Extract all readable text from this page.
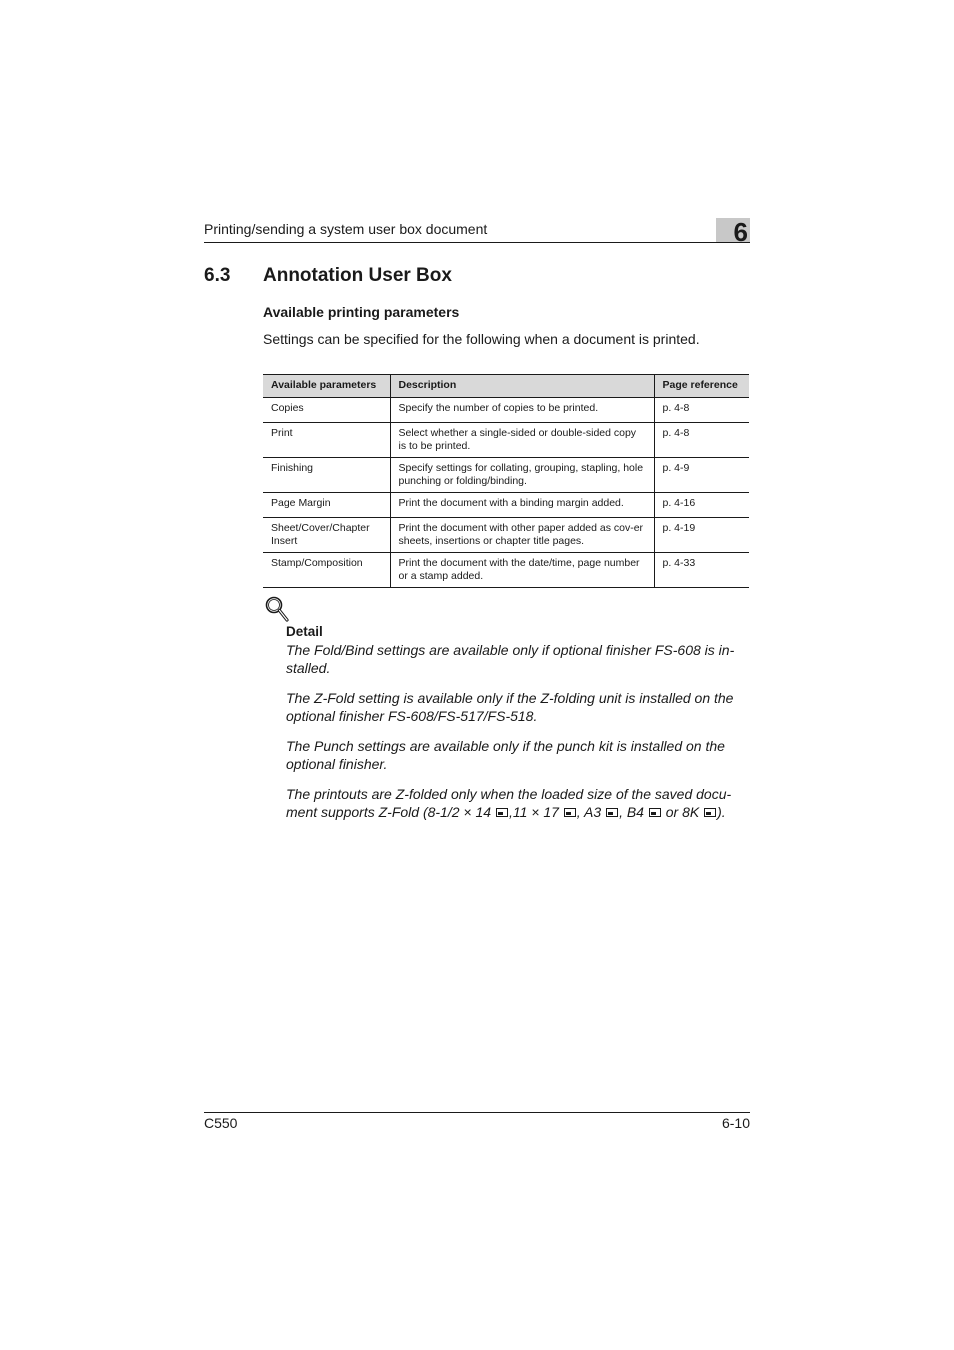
Printing/sending a system user box document	6
6.3 Annotation User Box
Available printing parameters
Settings can be specified for the following when a document is printed.
Available parameters	Description	Page reference
Copies	Specify the number of copies to be printed.	p. 4-8
Print	Select whether a single-sided or double-sided copy is to be printed.	p. 4-8
Finishing	Specify settings for collating, grouping, stapling, hole punching or folding/binding.	p. 4-9
Page Margin	Print the document with a binding margin added.	p. 4-16
Sheet/Cover/Chapter Insert	Print the document with other paper added as cov-er sheets, insertions or chapter title pages.	p. 4-19
Stamp/Composition	Print the document with the date/time, page number or a stamp added.	p. 4-33
Detail
The Fold/Bind settings are available only if optional finisher FS-608 is in-stalled.
The Z-Fold setting is available only if the Z-folding unit is installed on the optional finisher FS-608/FS-517/FS-518.
The Punch settings are available only if the punch kit is installed on the optional finisher.
The printouts are Z-folded only when the loaded size of the saved docu-
ment supports Z-Fold (8-1/2 × 14 ,11 × 17 , A3 , B4 or 8K ).
C550	6-10
